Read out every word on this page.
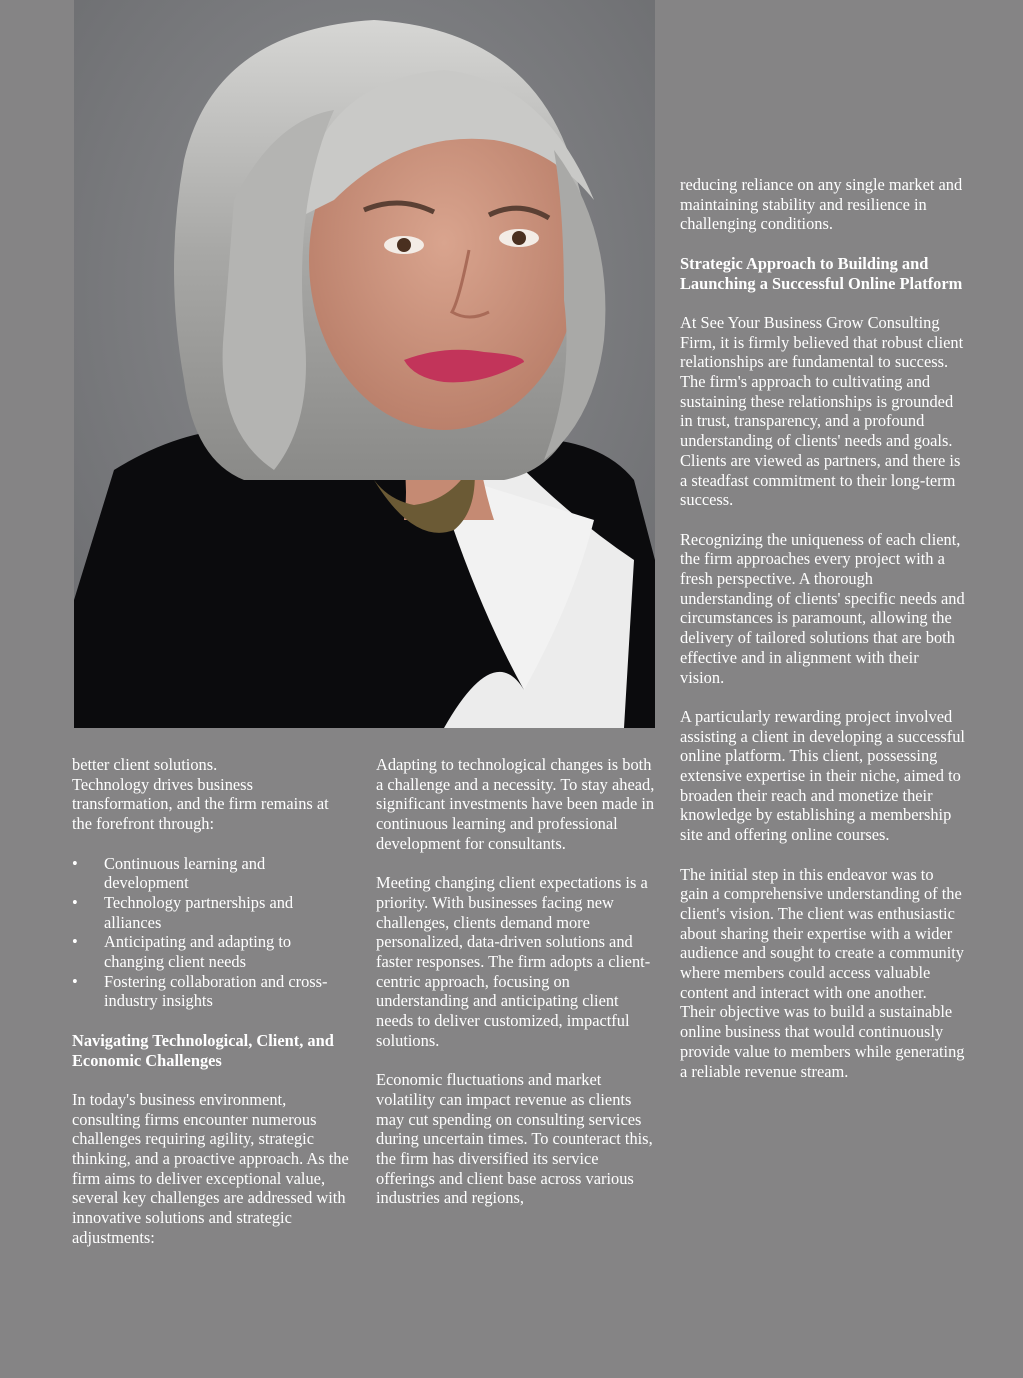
better client solutions.

Technology drives business transformation, and the firm remains at the forefront through:

• Continuous learning and development
• Technology partnerships and alliances
• Anticipating and adapting to changing client needs
• Fostering collaboration and cross-industry insights
Navigating Technological, Client, and Economic Challenges

In today's business environment, consulting firms encounter numerous challenges requiring agility, strategic thinking, and a proactive approach. As the firm aims to deliver exceptional value, several key challenges are addressed with innovative solutions and strategic adjustments:

Adapting to technological changes is both a challenge and a necessity. To stay ahead, significant investments have been made in continuous learning and professional development for consultants.

Meeting changing client expectations is a priority. With businesses facing new challenges, clients demand more personalized, data-driven solutions and faster responses. The firm adopts a client-centric approach, focusing on understanding and anticipating client needs to deliver customized, impactful solutions.

Economic fluctuations and market volatility can impact revenue as clients may cut spending on consulting services during uncertain times. To counteract this, the firm has diversified its service offerings and client base across various industries and regions,

reducing reliance on any single market and maintaining stability and resilience in challenging conditions.

Strategic Approach to Building and Launching a Successful Online Platform

At See Your Business Grow Consulting Firm, it is firmly believed that robust client relationships are fundamental to success. The firm's approach to cultivating and sustaining these relationships is grounded in trust, transparency, and a profound understanding of clients' needs and goals. Clients are viewed as partners, and there is a steadfast commitment to their long-term success.

Recognizing the uniqueness of each client, the firm approaches every project with a fresh perspective. A thorough understanding of clients' specific needs and circumstances is paramount, allowing the delivery of tailored solutions that are both effective and in alignment with their vision.

A particularly rewarding project involved assisting a client in developing a successful online platform. This client, possessing extensive expertise in their niche, aimed to broaden their reach and monetize their knowledge by establishing a membership site and offering online courses.

The initial step in this endeavor was to gain a comprehensive understanding of the client's vision. The client was enthusiastic about sharing their expertise with a wider audience and sought to create a community where members could access valuable content and interact with one another. Their objective was to build a sustainable online business that would continuously provide value to members while generating a reliable revenue stream.
